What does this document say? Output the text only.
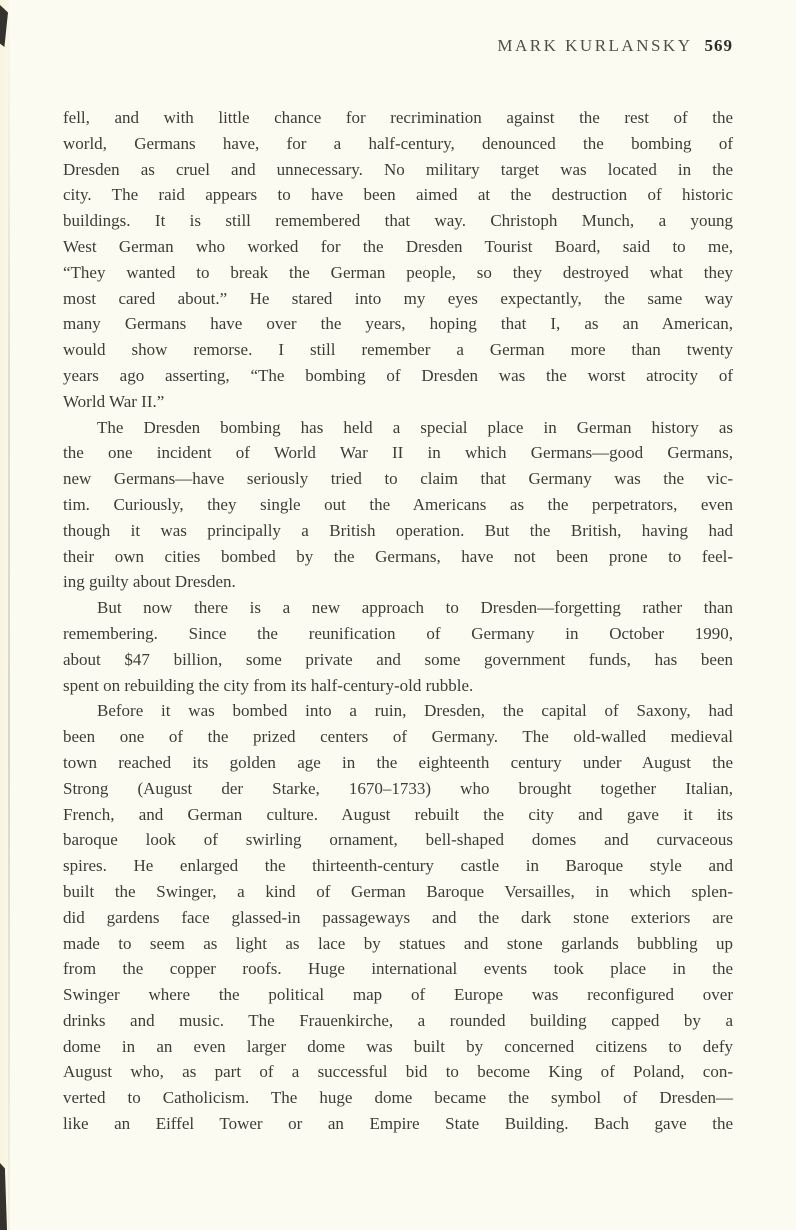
MARK KURLANSKY 569
fell, and with little chance for recrimination against the rest of the
world, Germans have, for a half-century, denounced the bombing of
Dresden as cruel and unnecessary. No military target was located in the
city. The raid appears to have been aimed at the destruction of historic
buildings. It is still remembered that way. Christoph Munch, a young
West German who worked for the Dresden Tourist Board, said to me,
“They wanted to break the German people, so they destroyed what they
most cared about.” He stared into my eyes expectantly, the same way
many Germans have over the years, hoping that I, as an American,
would show remorse. I still remember a German more than twenty
years ago asserting, “The bombing of Dresden was the worst atrocity of
World War II.”
The Dresden bombing has held a special place in German history as
the one incident of World War II in which Germans—good Germans,
new Germans—have seriously tried to claim that Germany was the vic-
tim. Curiously, they single out the Americans as the perpetrators, even
though it was principally a British operation. But the British, having had
their own cities bombed by the Germans, have not been prone to feel-
ing guilty about Dresden.
But now there is a new approach to Dresden—forgetting rather than
remembering. Since the reunification of Germany in October 1990,
about $47 billion, some private and some government funds, has been
spent on rebuilding the city from its half-century-old rubble.
Before it was bombed into a ruin, Dresden, the capital of Saxony, had
been one of the prized centers of Germany. The old-walled medieval
town reached its golden age in the eighteenth century under August the
Strong (August der Starke, 1670–1733) who brought together Italian,
French, and German culture. August rebuilt the city and gave it its
baroque look of swirling ornament, bell-shaped domes and curvaceous
spires. He enlarged the thirteenth-century castle in Baroque style and
built the Swinger, a kind of German Baroque Versailles, in which splen-
did gardens face glassed-in passageways and the dark stone exteriors are
made to seem as light as lace by statues and stone garlands bubbling up
from the copper roofs. Huge international events took place in the
Swinger where the political map of Europe was reconfigured over
drinks and music. The Frauenkirche, a rounded building capped by a
dome in an even larger dome was built by concerned citizens to defy
August who, as part of a successful bid to become King of Poland, con-
verted to Catholicism. The huge dome became the symbol of Dresden—
like an Eiffel Tower or an Empire State Building. Bach gave the
